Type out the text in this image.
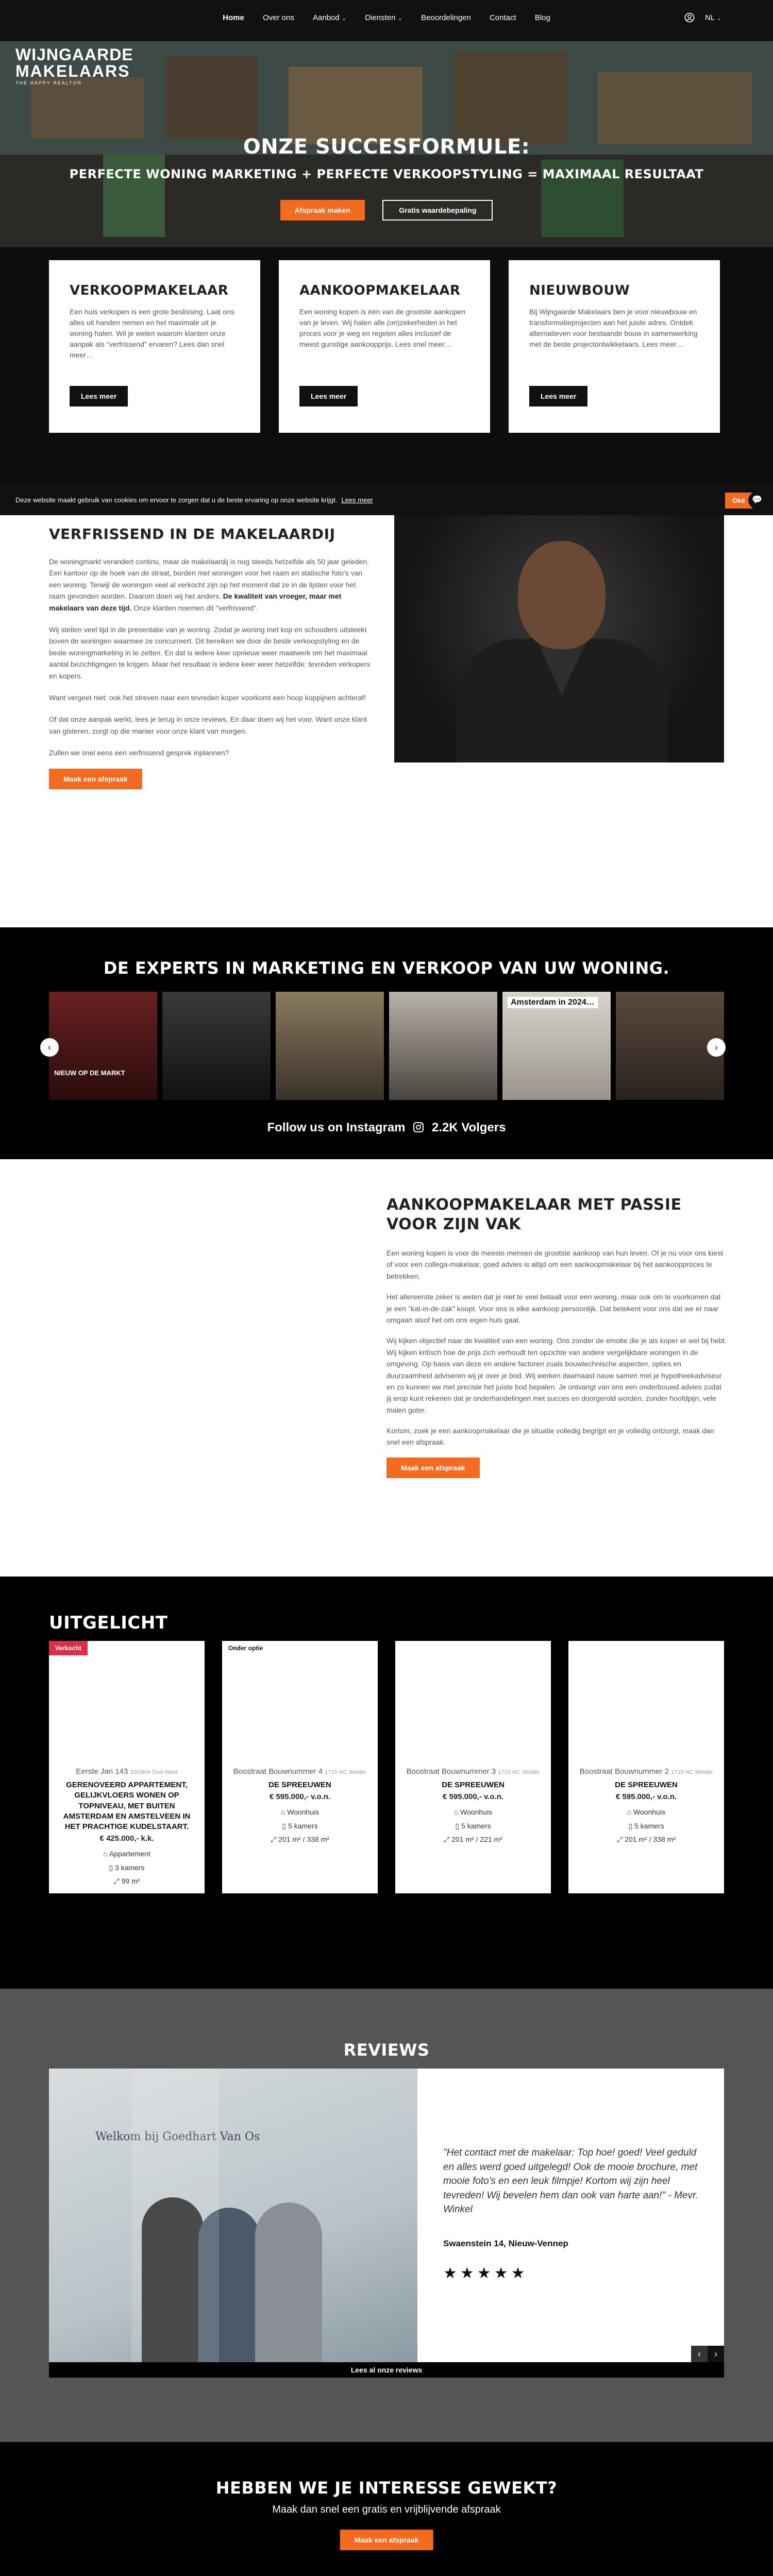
Home Over ons Aanbod ⌄ Diensten ⌄ Beoordelingen Contact Blog	NL ⌄
WIJNGAARDE
MAKELAARS
THE HAPPY REALTOR
ONZE SUCCESFORMULE:
PERFECTE WONING MARKETING + PERFECTE VERKOOPSTYLING = MAXIMAAL RESULTAAT
Afspraak maken	Gratis waardebepaling
VERKOOPMAKELAAR

Een huis verkopen is een grote beslissing. Laat ons alles uit handen nemen en het maximale uit je woning halen. Wil je weten waarom klanten onze aanpak als "verfrissend" ervaren? Lees dan snel meer…

Lees meer
AANKOOPMAKELAAR

Een woning kopen is één van de grootste aankopen van je leven. Wij halen alle (on)zekerheden in het proces voor je weg en regelen alles inclusief de meest gunstige aankoopprijs. Lees snel meer…

Lees meer
NIEUWBOUW

Bij Wijngaarde Makelaars ben je voor nieuwbouw en transformatieprojecten aan het juiste adres. Ontdek alternatieven voor bestaande bouw in samenwerking met de beste projectontwikkelaars. Lees meer…

Lees meer
Deze website maakt gebruik van cookies om ervoor te zorgen dat u de beste ervaring op onze website krijgt. Lees meer	Oké 💬
VERFRISSEND IN DE MAKELAARDIJ

De woningmarkt verandert continu, maar de makelaardij is nog steeds hetzelfde als 50 jaar geleden. Een kantoor op de hoek van de straat, borden met woningen voor het raam en statische foto's van een woning. Terwijl de woningen veel al verkocht zijn op het moment dat ze in de lijsten voor het raam gevonden worden. Daarom doen wij het anders. De kwaliteit van vroeger, maar met makelaars van deze tijd. Onze klanten noemen dit "verfrissend".

Wij stellen veel tijd in de presentatie van je woning. Zodat je woning met kop en schouders uitsteekt boven de woningen waarmee ze concurreert. Dit bereiken we door de beste verkoopstyling en de beste woningmarketing in te zetten. En dat is iedere keer opnieuw weer maatwerk om het maximaal aantal bezichtigingen te krijgen. Maar het resultaat is iedere keer weer hetzelfde: tevreden verkopers en kopers.

Want vergeet niet: ook het streven naar een tevreden koper voorkomt een hoop koppijnen achteraf!

Of dat onze aanpak werkt, lees je terug in onze reviews. En daar doen wij het voor. Want onze klant van gisteren, zorgt op die manier voor onze klant van morgen.

Zullen we snel eens een verfrissend gesprek inplannen?

Maak een afspraak
DE EXPERTS IN MARKETING EN VERKOOP VAN UW WONING.
NIEUW OP DE MARKT
Amsterdam in 2024…
‹	›
Follow us on Instagram 2.2K Volgers
AANKOOPMAKELAAR MET PASSIE VOOR ZIJN VAK

Een woning kopen is voor de meeste mensen de grootste aankoop van hun leven. Of je nu voor ons kiest of voor een collega-makelaar, goed advies is altijd om een aankoopmakelaar bij het aankoopproces te betrekken.

Het allereerste zeker is weten dat je niet te veel betaalt voor een woning, maar ook om te voorkomen dat je een "kat-in-de-zak" koopt. Voor ons is elke aankoop persoonlijk. Dat betekent voor ons dat we er naar omgaan alsof het om ons eigen huis gaat.

Wij kijken objectief naar de kwaliteit van een woning. Ons zonder de emotie die je als koper er wel bij hebt. Wij kijken kritisch hoe de prijs zich verhoudt ten opzichte van andere vergelijkbare woningen in de omgeving. Op basis van deze en andere factoren zoals bouwtechnische aspecten, opties en duurzaamheid adviseren wij je over je bod. Wij werken daarnaast nauw samen met je hypotheekadviseur en zo kunnen we met precisie het juiste bod bepalen. Je ontvangt van ons een onderbouwd advies zodat jij erop kunt rekenen dat je onderhandelingen met succes en doorgerold worden, zonder hoofdpijn, vele malen goter.

Kortom, zoek je een aankoopmakelaar die je situatie volledig begrijpt en je volledig ontzorgt, maak dan snel een afspraak.

Maak een afspraak
UITGELICHT
Verkocht
Eerste Jan 143 1053KH Oud-West
GERENOVEERD APPARTEMENT, GELIJKVLOERS WONEN OP TOPNIVEAU, MET BUITEN AMSTERDAM EN AMSTELVEEN IN HET PRACHTIGE KUDELSTAART.
€ 425.000,- k.k.
⌂ Appartement
▯ 3 kamers
⤢ 99 m²
Onder optie
Boostraat Bouwnummer 4 1715 NC Wolder
DE SPREEUWEN
€ 595.000,- v.o.n.
⌂ Woonhuis
▯ 5 kamers
⤢ 201 m² / 338 m²
Boostraat Bouwnummer 3 1715 NC Wolder
DE SPREEUWEN
€ 595.000,- v.o.n.
⌂ Woonhuis
▯ 5 kamers
⤢ 201 m² / 221 m²
Boostraat Bouwnummer 2 1715 NC Wolder
DE SPREEUWEN
€ 595.000,- v.o.n.
⌂ Woonhuis
▯ 5 kamers
⤢ 201 m² / 338 m²
REVIEWS
Welkom bij Goedhart Van Os
"Het contact met de makelaar: Top hoe! goed! Veel geduld en alles werd goed uitgelegd! Ook de mooie brochure, met mooie foto's en een leuk filmpje! Kortom wij zijn heel tevreden! Wij bevelen hem dan ook van harte aan!" - Mevr. Winkel
Swaenstein 14, Nieuw-Vennep
★★★★★
‹	›
Lees al onze reviews
HEBBEN WE JE INTERESSE GEWEKT?

Maak dan snel een gratis en vrijblijvende afspraak

Maak een afspraak
